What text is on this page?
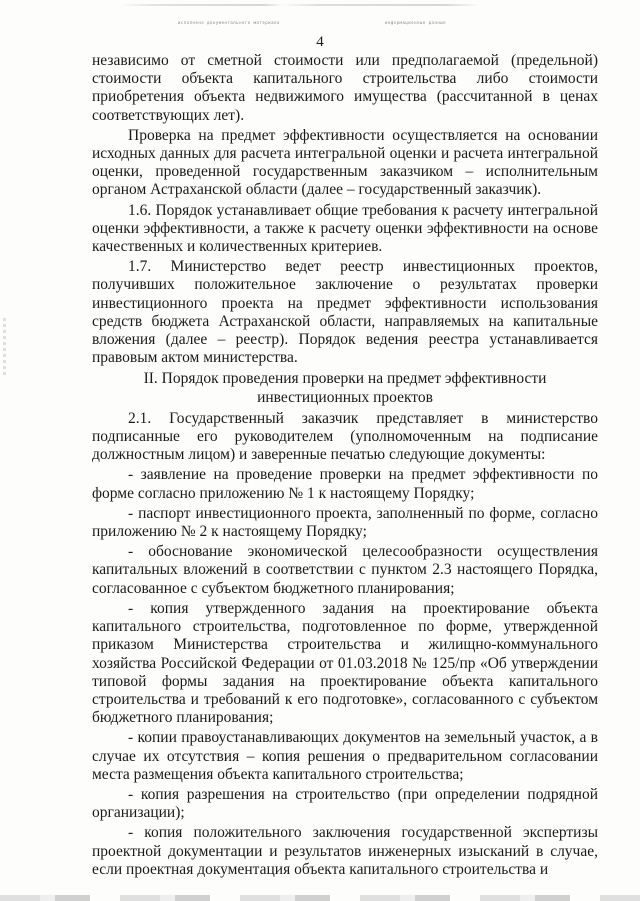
исполнено документального материала	информационные данные
4

независимо от сметной стоимости или предполагаемой (предельной) стоимости объекта капитального строительства либо стоимости приобретения объекта недвижимого имущества (рассчитанной в ценах соответствующих лет).

Проверка на предмет эффективности осуществляется на основании исходных данных для расчета интегральной оценки и расчета интегральной оценки, проведенной государственным заказчиком – исполнительным органом Астраханской области (далее – государственный заказчик).

1.6. Порядок устанавливает общие требования к расчету интегральной оценки эффективности, а также к расчету оценки эффективности на основе качественных и количественных критериев.

1.7. Министерство ведет реестр инвестиционных проектов, получивших положительное заключение о результатах проверки инвестиционного проекта на предмет эффективности использования средств бюджета Астраханской области, направляемых на капитальные вложения (далее – реестр). Порядок ведения реестра устанавливается правовым актом министерства.

II. Порядок проведения проверки на предмет эффективности инвестиционных проектов

2.1. Государственный заказчик представляет в министерство подписанные его руководителем (уполномоченным на подписание должностным лицом) и заверенные печатью следующие документы:

- заявление на проведение проверки на предмет эффективности по форме согласно приложению № 1 к настоящему Порядку;

- паспорт инвестиционного проекта, заполненный по форме, согласно приложению № 2 к настоящему Порядку;

- обоснование экономической целесообразности осуществления капитальных вложений в соответствии с пунктом 2.3 настоящего Порядка, согласованное с субъектом бюджетного планирования;

- копия утвержденного задания на проектирование объекта капитального строительства, подготовленное по форме, утвержденной приказом Министерства строительства и жилищно-коммунального хозяйства Российской Федерации от 01.03.2018 № 125/пр «Об утверждении типовой формы задания на проектирование объекта капитального строительства и требований к его подготовке», согласованного с субъектом бюджетного планирования;

- копии правоустанавливающих документов на земельный участок, а в случае их отсутствия – копия решения о предварительном согласовании места размещения объекта капитального строительства;

- копия разрешения на строительство (при определении подрядной организации);

- копия положительного заключения государственной экспертизы проектной документации и результатов инженерных изысканий в случае, если проектная документация объекта капитального строительства и
